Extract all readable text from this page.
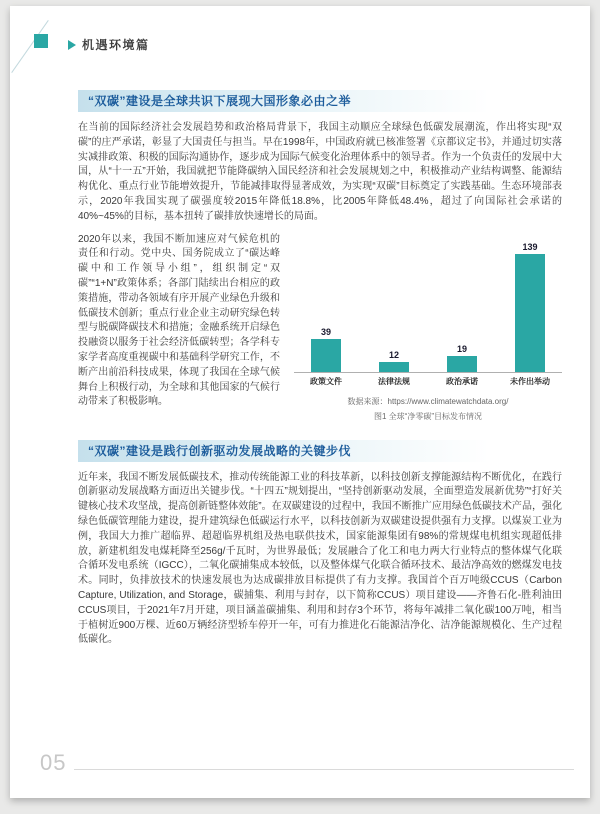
机遇环境篇
“双碳”建设是全球共识下展现大国形象必由之举

在当前的国际经济社会发展趋势和政治格局背景下，我国主动顺应全球绿色低碳发展潮流，作出将实现“双碳”的庄严承诺，彰显了大国责任与担当。早在1998年，中国政府就已核准签署《京都议定书》，并通过切实落实减排政策、积极的国际沟通协作，逐步成为国际气候变化治理体系中的领导者。作为一个负责任的发展中大国，从“十一五”开始，我国就把节能降碳纳入国民经济和社会发展规划之中，积极推动产业结构调整、能源结构优化、重点行业节能增效提升，节能减排取得显著成效，为实现“双碳”目标奠定了实践基础。生态环境部表示，2020年我国实现了碳强度较2015年降低18.8%，比2005年降低48.4%，超过了向国际社会承诺的40%~45%的目标，基本扭转了碳排放快速增长的局面。

39
12
19
139
政策文件	法律法规	政治承诺	未作出举动
数据来源：https://www.climatewatchdata.org/
图1 全球“净零碳”目标发布情况

2020年以来，我国不断加速应对气候危机的责任和行动。党中央、国务院成立了“碳达峰碳中和工作领导小组”，组织制定“双碳”“1+N”政策体系；各部门陆续出台相应的政策措施，带动各领域有序开展产业绿色升级和低碳技术创新；重点行业企业主动研究绿色转型与脱碳降碳技术和措施；金融系统开启绿色投融资以服务于社会经济低碳转型；各学科专家学者高度重视碳中和基础科学研究工作，不断产出前沿科技成果，体现了我国在全球气候舞台上积极行动，为全球和其他国家的气候行动带来了积极影响。

“双碳”建设是践行创新驱动发展战略的关键步伐

近年来，我国不断发展低碳技术，推动传统能源工业的科技革新，以科技创新支撑能源结构不断优化，在践行创新驱动发展战略方面迈出关键步伐。“十四五”规划提出，“坚持创新驱动发展，全面塑造发展新优势”“打好关键核心技术攻坚战，提高创新链整体效能”。在双碳建设的过程中，我国不断推广应用绿色低碳技术产品，强化绿色低碳管理能力建设，提升建筑绿色低碳运行水平，以科技创新为双碳建设提供强有力支撑。以煤炭工业为例，我国大力推广超临界、超超临界机组及热电联供技术，国家能源集团有98%的常规煤电机组实现超低排放，新建机组发电煤耗降至256g/千瓦时，为世界最低；发展融合了化工和电力两大行业特点的整体煤气化联合循环发电系统（IGCC），二氧化碳捕集成本较低，以及整体煤气化联合循环技术、最洁净高效的燃煤发电技术。同时，负排放技术的快速发展也为达成碳排放目标提供了有力支撑。我国首个百万吨级CCUS（Carbon Capture, Utilization, and Storage，碳捕集、利用与封存，以下简称CCUS）项目建设——齐鲁石化-胜利油田CCUS项目，于2021年7月开建，项目涵盖碳捕集、利用和封存3个环节，将每年减排二氧化碳100万吨，相当于植树近900万棵、近60万辆经济型轿车停开一年，可有力推进化石能源洁净化、洁净能源规模化、生产过程低碳化。

05
